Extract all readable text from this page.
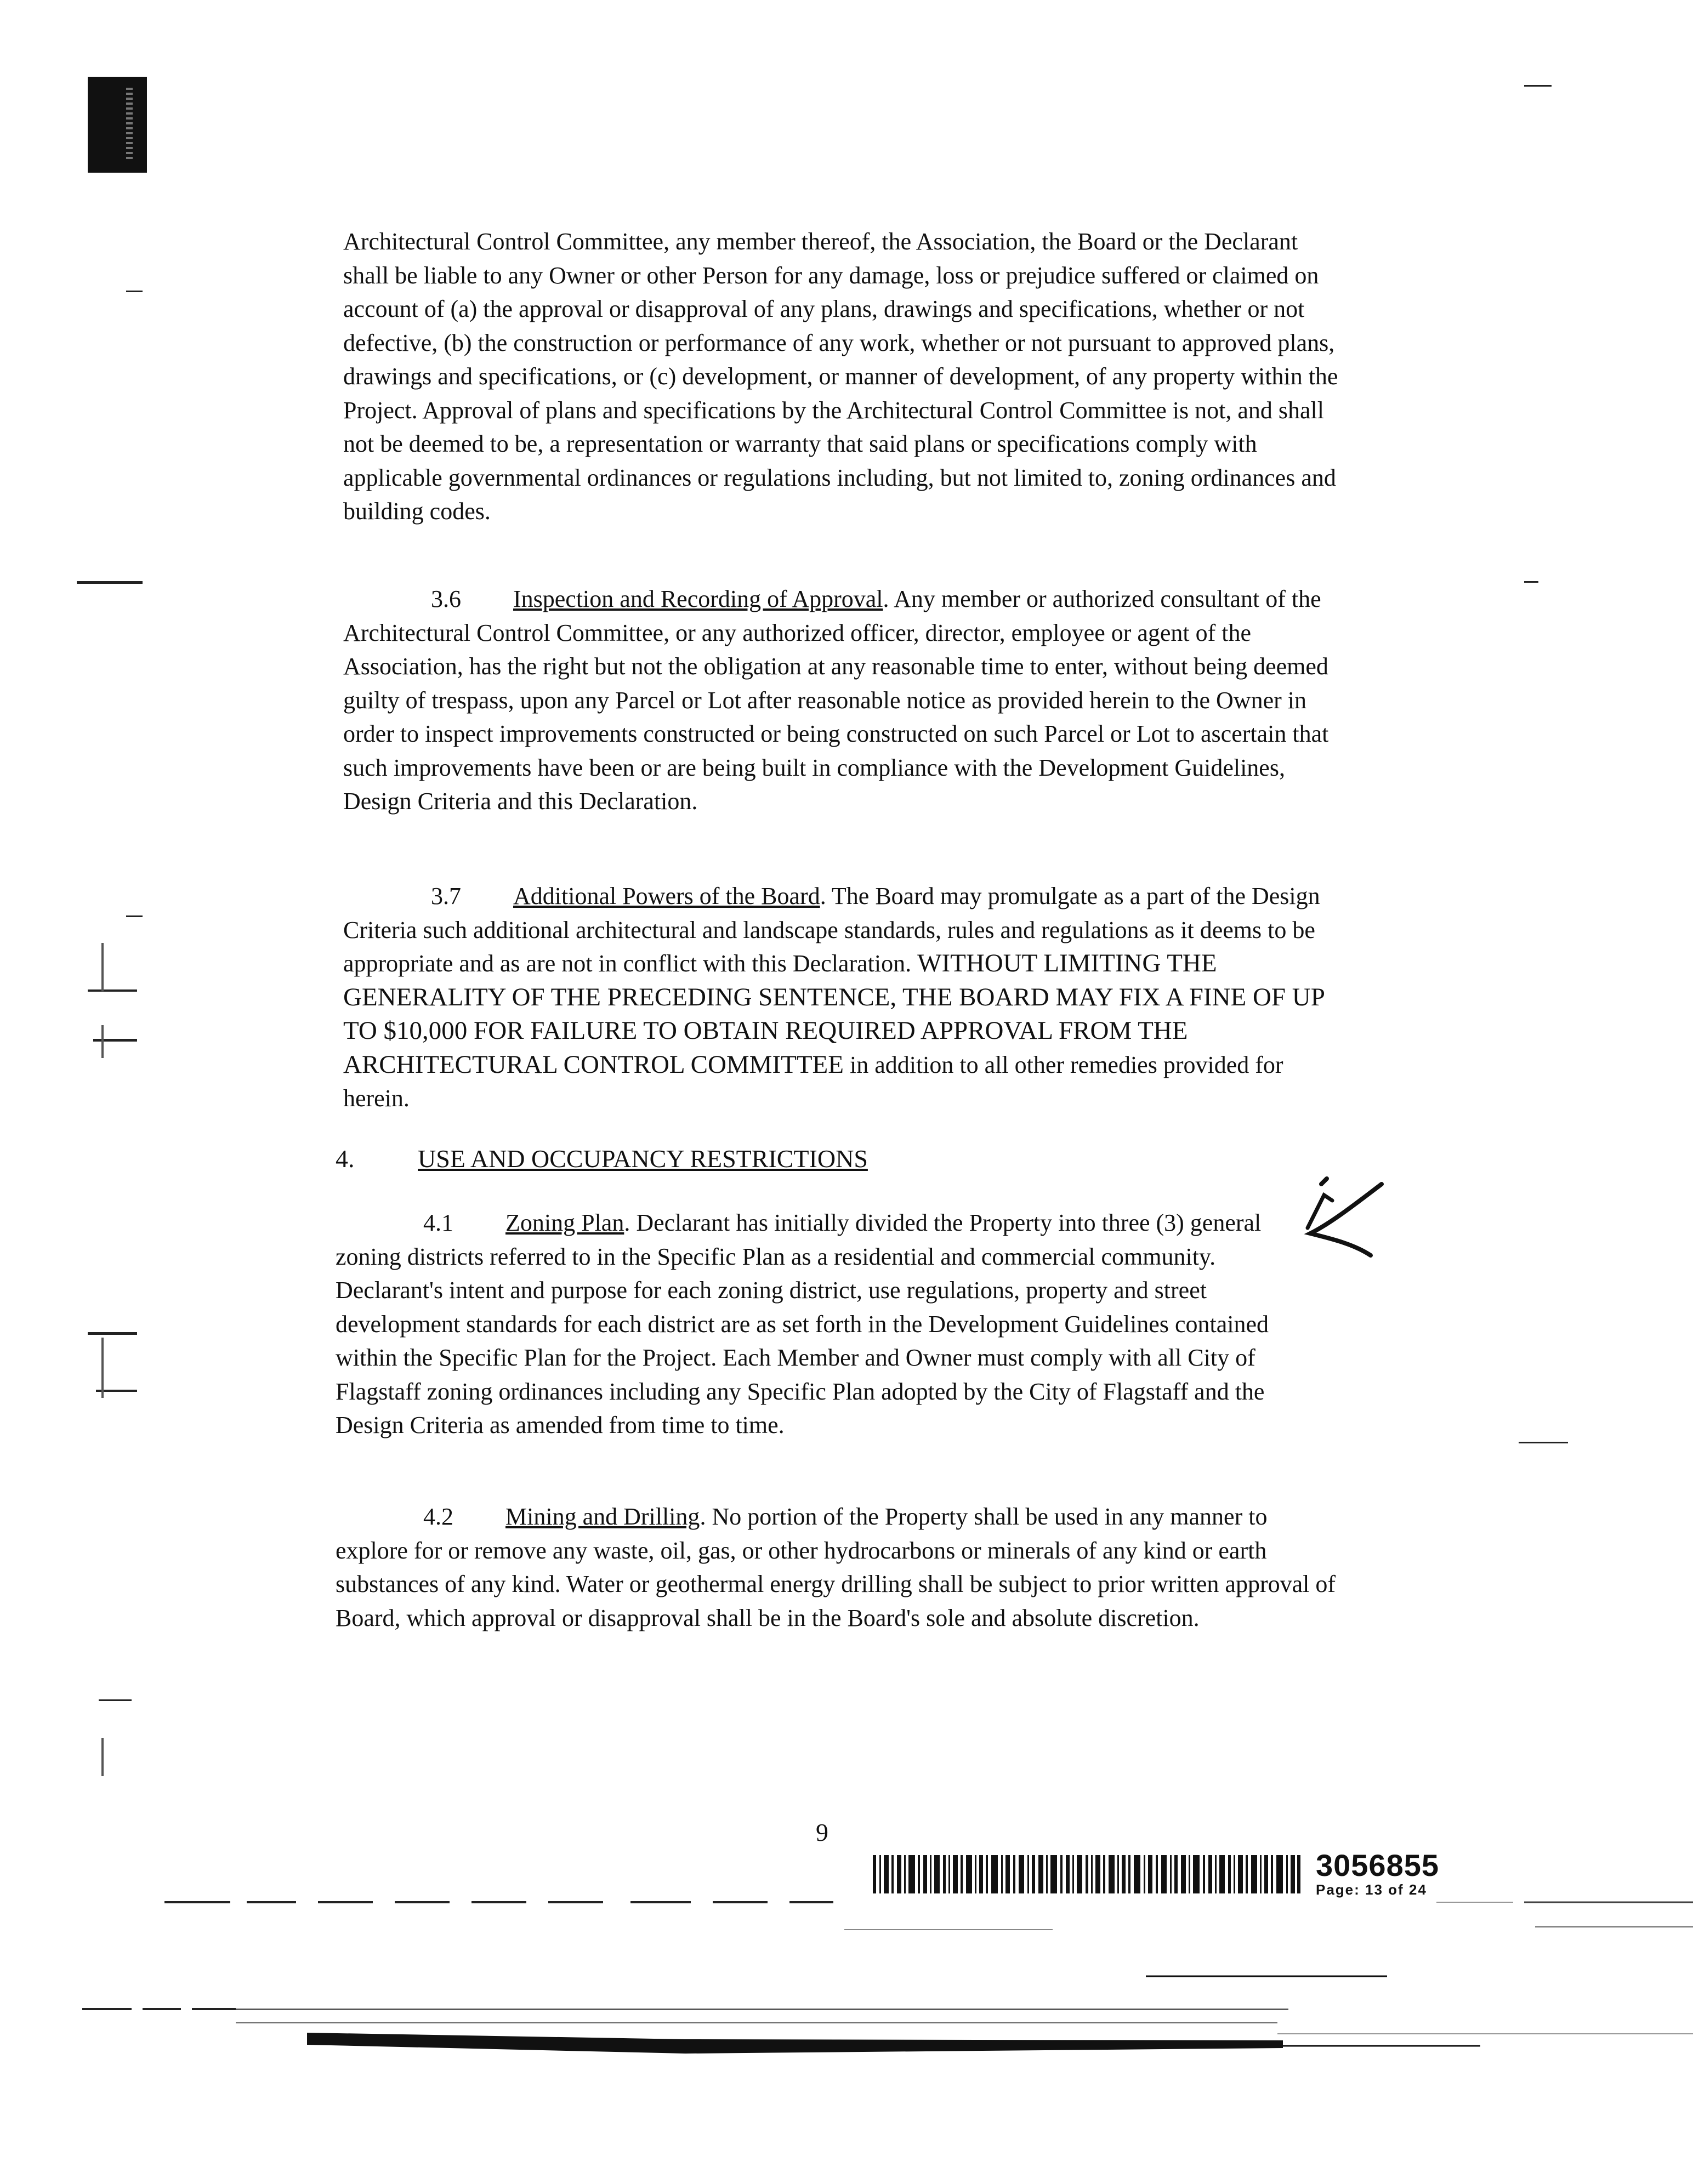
Architectural Control Committee, any member thereof, the Association, the Board or the Declarant shall be liable to any Owner or other Person for any damage, loss or prejudice suffered or claimed on account of (a) the approval or disapproval of any plans, drawings and specifications, whether or not defective, (b) the construction or performance of any work, whether or not pursuant to approved plans, drawings and specifications, or (c) development, or manner of development, of any property within the Project. Approval of plans and specifications by the Architectural Control Committee is not, and shall not be deemed to be, a representation or warranty that said plans or specifications comply with applicable governmental ordinances or regulations including, but not limited to, zoning ordinances and building codes.
3.6 Inspection and Recording of Approval. Any member or authorized consultant of the Architectural Control Committee, or any authorized officer, director, employee or agent of the Association, has the right but not the obligation at any reasonable time to enter, without being deemed guilty of trespass, upon any Parcel or Lot after reasonable notice as provided herein to the Owner in order to inspect improvements constructed or being constructed on such Parcel or Lot to ascertain that such improvements have been or are being built in compliance with the Development Guidelines, Design Criteria and this Declaration.
3.7 Additional Powers of the Board. The Board may promulgate as a part of the Design Criteria such additional architectural and landscape standards, rules and regulations as it deems to be appropriate and as are not in conflict with this Declaration. WITHOUT LIMITING THE GENERALITY OF THE PRECEDING SENTENCE, THE BOARD MAY FIX A FINE OF UP TO $10,000 FOR FAILURE TO OBTAIN REQUIRED APPROVAL FROM THE ARCHITECTURAL CONTROL COMMITTEE in addition to all other remedies provided for herein.
4.	USE AND OCCUPANCY RESTRICTIONS
4.1 Zoning Plan. Declarant has initially divided the Property into three (3) general zoning districts referred to in the Specific Plan as a residential and commercial community. Declarant's intent and purpose for each zoning district, use regulations, property and street development standards for each district are as set forth in the Development Guidelines contained within the Specific Plan for the Project. Each Member and Owner must comply with all City of Flagstaff zoning ordinances including any Specific Plan adopted by the City of Flagstaff and the Design Criteria as amended from time to time.
4.2 Mining and Drilling. No portion of the Property shall be used in any manner to explore for or remove any waste, oil, gas, or other hydrocarbons or minerals of any kind or earth substances of any kind. Water or geothermal energy drilling shall be subject to prior written approval of Board, which approval or disapproval shall be in the Board's sole and absolute discretion.
9
3056855
Page: 13 of 24
